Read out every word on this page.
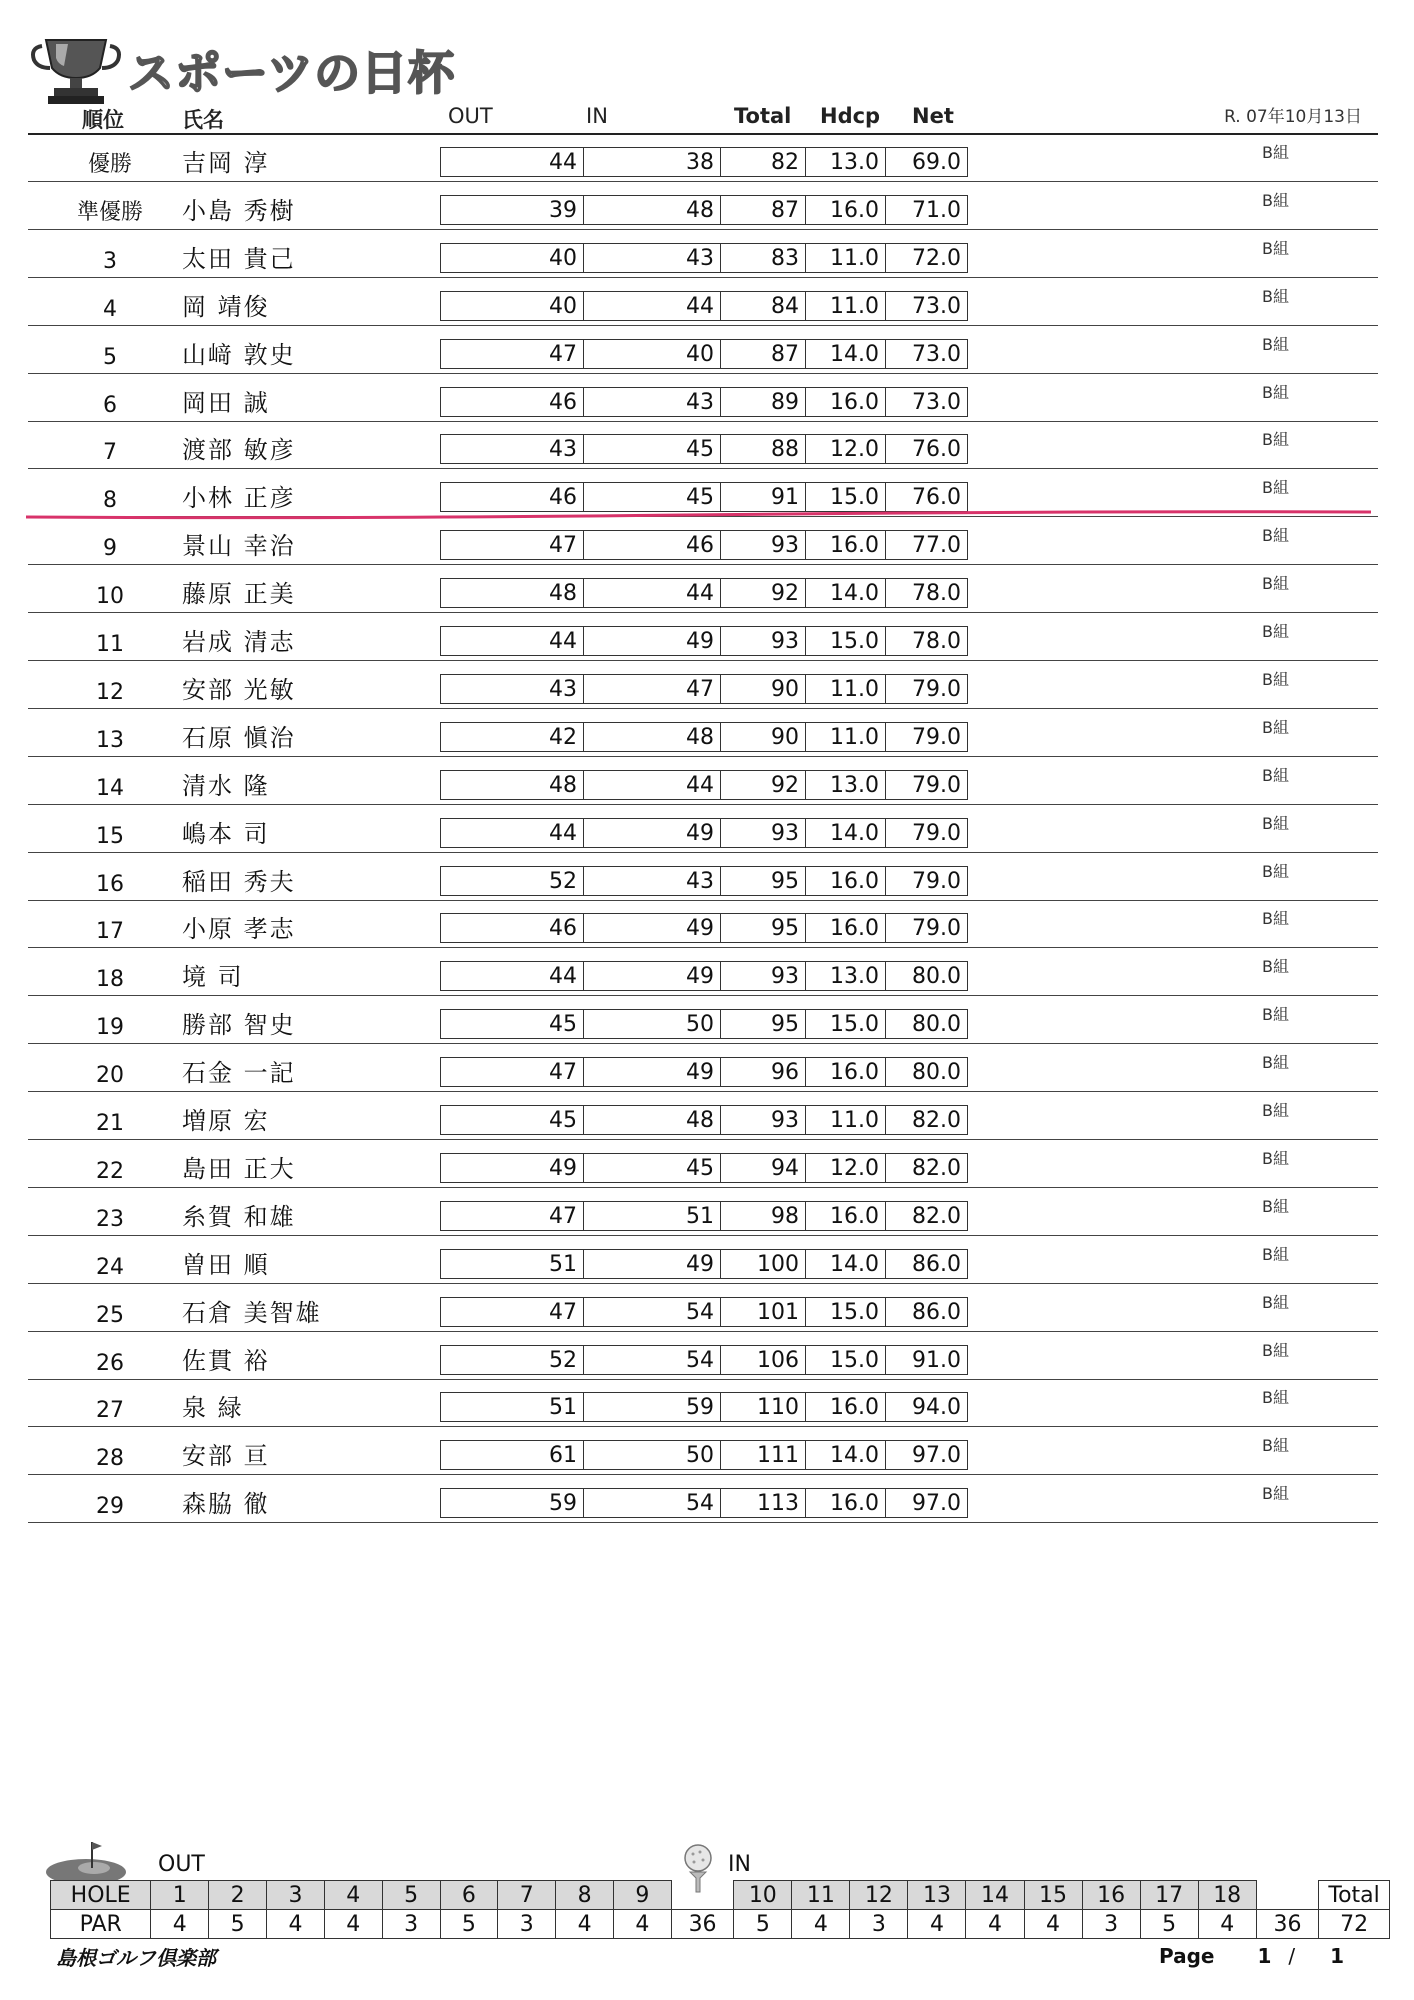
スポーツの日杯
順位	氏名	OUT	IN	Total Hdcp Net	R. 07年10月13日
優勝	吉岡 淳	44	38	82	13.0	69.0	B組
準優勝	小島 秀樹	39	48	87	16.0	71.0	B組
3	太田 貴己	40	43	83	11.0	72.0	B組
4	岡 靖俊	40	44	84	11.0	73.0	B組
5	山﨑 敦史	47	40	87	14.0	73.0	B組
6	岡田 誠	46	43	89	16.0	73.0	B組
7	渡部 敏彦	43	45	88	12.0	76.0	B組
8	小林 正彦	46	45	91	15.0	76.0	B組
9	景山 幸治	47	46	93	16.0	77.0	B組
10	藤原 正美	48	44	92	14.0	78.0	B組
11	岩成 清志	44	49	93	15.0	78.0	B組
12	安部 光敏	43	47	90	11.0	79.0	B組
13	石原 愼治	42	48	90	11.0	79.0	B組
14	清水 隆	48	44	92	13.0	79.0	B組
15	嶋本 司	44	49	93	14.0	79.0	B組
16	稲田 秀夫	52	43	95	16.0	79.0	B組
17	小原 孝志	46	49	95	16.0	79.0	B組
18	境 司	44	49	93	13.0	80.0	B組
19	勝部 智史	45	50	95	15.0	80.0	B組
20	石金 一記	47	49	96	16.0	80.0	B組
21	増原 宏	45	48	93	11.0	82.0	B組
22	島田 正大	49	45	94	12.0	82.0	B組
23	糸賀 和雄	47	51	98	16.0	82.0	B組
24	曽田 順	51	49	100	14.0	86.0	B組
25	石倉 美智雄	47	54	101	15.0	86.0	B組
26	佐貫 裕	52	54	106	15.0	91.0	B組
27	泉 緑	51	59	110	16.0	94.0	B組
28	安部 亘	61	50	111	14.0	97.0	B組
29	森脇 徹	59	54	113	16.0	97.0	B組
OUT	IN
HOLE	1	2	3	4	5	6	7	8	9		10	11	12	13	14	15	16	17	18		Total
PAR	4	5	4	4	3	5	3	4	4	36	5	4	3	4	4	4	3	5	4	36	72
島根ゴルフ倶楽部	Page 1 / 1
